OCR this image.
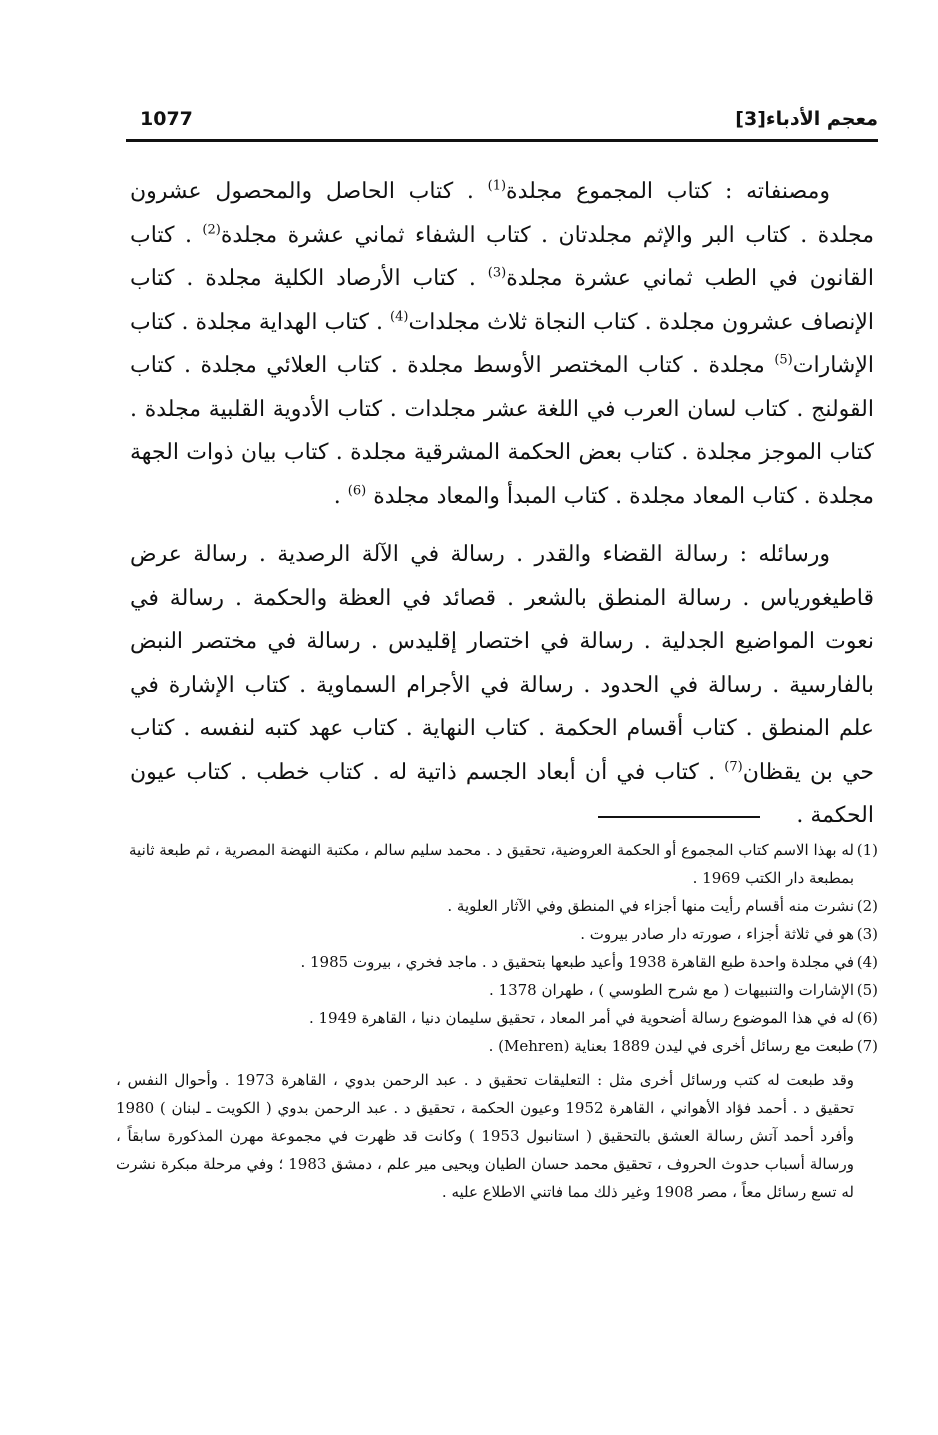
معجم الأدباء[3]
1077

ومصنفاته : كتاب المجموع مجلدة$^{(1)}$ . كتاب الحاصل والمحصول عشرون مجلدة . كتاب البر والإثم مجلدتان . كتاب الشفاء ثماني عشرة مجلدة$^{(2)}$ . كتاب القانون في الطب ثماني عشرة مجلدة$^{(3)}$ . كتاب الأرصاد الكلية مجلدة . كتاب الإنصاف عشرون مجلدة . كتاب النجاة ثلاث مجلدات$^{(4)}$ . كتاب الهداية مجلدة . كتاب الإشارات$^{(5)}$ مجلدة . كتاب المختصر الأوسط مجلدة . كتاب العلائي مجلدة . كتاب القولنج . كتاب لسان العرب في اللغة عشر مجلدات . كتاب الأدوية القلبية مجلدة . كتاب الموجز مجلدة . كتاب بعض الحكمة المشرقية مجلدة . كتاب بيان ذوات الجهة مجلدة . كتاب المعاد مجلدة . كتاب المبدأ والمعاد مجلدة $^{(6)}$ .

ورسائله : رسالة القضاء والقدر . رسالة في الآلة الرصدية . رسالة عرض قاطيغورياس . رسالة المنطق بالشعر . قصائد في العظة والحكمة . رسالة في نعوت المواضيع الجدلية . رسالة في اختصار إقليدس . رسالة في مختصر النبض بالفارسية . رسالة في الحدود . رسالة في الأجرام السماوية . كتاب الإشارة في علم المنطق . كتاب أقسام الحكمة . كتاب النهاية . كتاب عهد كتبه لنفسه . كتاب حي بن يقظان$^{(7)}$ . كتاب في أن أبعاد الجسم ذاتية له . كتاب خطب . كتاب عيون الحكمة .

(1)
له بهذا الاسم كتاب المجموع أو الحكمة العروضية، تحقيق د . محمد سليم سالم ، مكتبة النهضة المصرية ، ثم طبعة ثانية بمطبعة دار الكتب 1969 .
(2)
نشرت منه أقسام رأيت منها أجزاء في المنطق وفي الآثار العلوية .
(3)
هو في ثلاثة أجزاء ، صورته دار صادر بيروت .
(4)
في مجلدة واحدة طبع القاهرة 1938 وأعيد طبعها بتحقيق د . ماجد فخري ، بيروت 1985 .
(5)
الإشارات والتنبيهات ( مع شرح الطوسي ) ، طهران 1378 .
(6)
له في هذا الموضوع رسالة أضحوية في أمر المعاد ، تحقيق سليمان دنيا ، القاهرة 1949 .
(7)
طبعت مع رسائل أخرى في ليدن 1889 بعناية (Mehren) .
وقد طبعت له كتب ورسائل أخرى مثل : التعليقات تحقيق د . عبد الرحمن بدوي ، القاهرة 1973 . وأحوال النفس ، تحقيق د . أحمد فؤاد الأهواني ، القاهرة 1952 وعيون الحكمة ، تحقيق د . عبد الرحمن بدوي ( الكويت ـ لبنان ) 1980 وأفرد أحمد آتش رسالة العشق بالتحقيق ( استانبول 1953 ) وكانت قد ظهرت في مجموعة مهرن المذكورة سابقاً ، ورسالة أسباب حدوث الحروف ، تحقيق محمد حسان الطيان ويحيى مير علم ، دمشق 1983 ؛ وفي مرحلة مبكرة نشرت له تسع رسائل معاً ، مصر 1908 وغير ذلك مما فاتني الاطلاع عليه .
